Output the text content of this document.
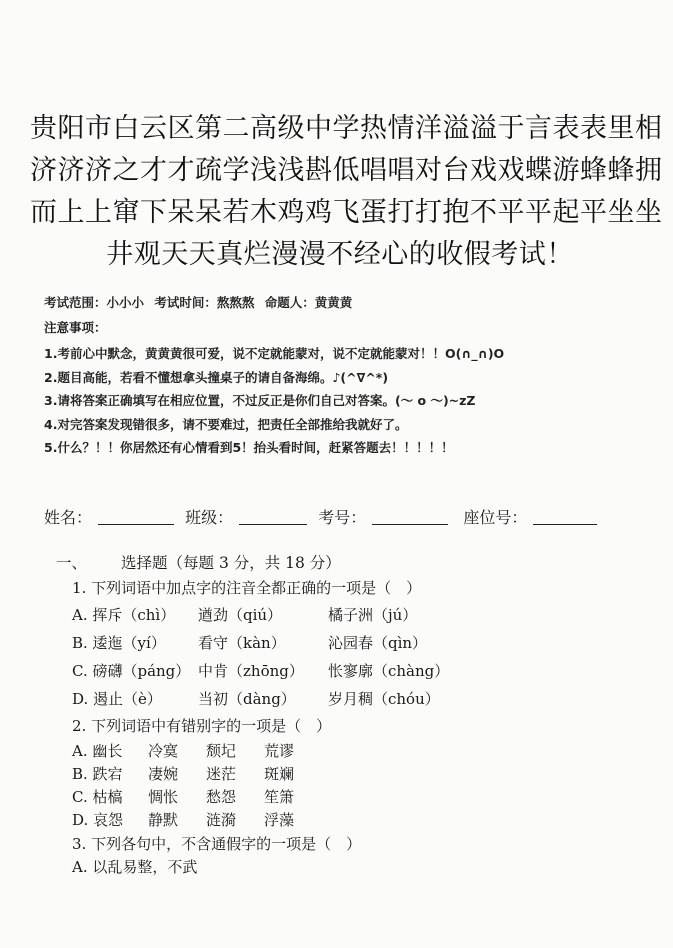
贵阳市白云区第二高级中学热情洋溢溢于言表表里相
济济济之才才疏学浅浅斟低唱唱对台戏戏蝶游蜂蜂拥
而上上窜下呆呆若木鸡鸡飞蛋打打抱不平平起平坐坐
井观天天真烂漫漫不经心的收假考试！
考试范围：小小小 考试时间：熬熬熬 命题人：黄黄黄
注意事项：
1.考前心中默念，黄黄黄很可爱，说不定就能蒙对，说不定就能蒙对！！O(∩_∩)O
2.题目高能，若看不懂想拿头撞桌子的请自备海绵。♪(^∇^*)
3.请将答案正确填写在相应位置，不过反正是你们自己对答案。(～ o ～)~zZ
4.对完答案发现错很多，请不要难过，把责任全部推给我就好了。
5.什么？！！你居然还有心情看到5！抬头看时间，赶紧答题去！！！！！
姓名：	班级：	考号：	座位号：
一、 选择题（每题 3 分，共 18 分）
1. 下列词语中加点字的注音全都正确的一项是（　）
A. 挥斥（chì） 遒劲（qiú）	橘子洲（jú）
B. 逶迤（yí） 看守（kàn）	沁园春（qìn）
C. 磅礴（páng） 中肯（zhōng） 怅寥廓（chàng）
D. 遏止（è） 当初（dàng） 岁月稠（chóu）
2. 下列词语中有错别字的一项是（　）
A. 幽长 冷寞 颓圮 荒谬
B. 跌宕 凄婉 迷茫 斑斓
C. 枯槁 惆怅 愁怨 笙箫
D. 哀怨 静默 涟漪 浮藻
3. 下列各句中，不含通假字的一项是（　）
A. 以乱易整，不武
